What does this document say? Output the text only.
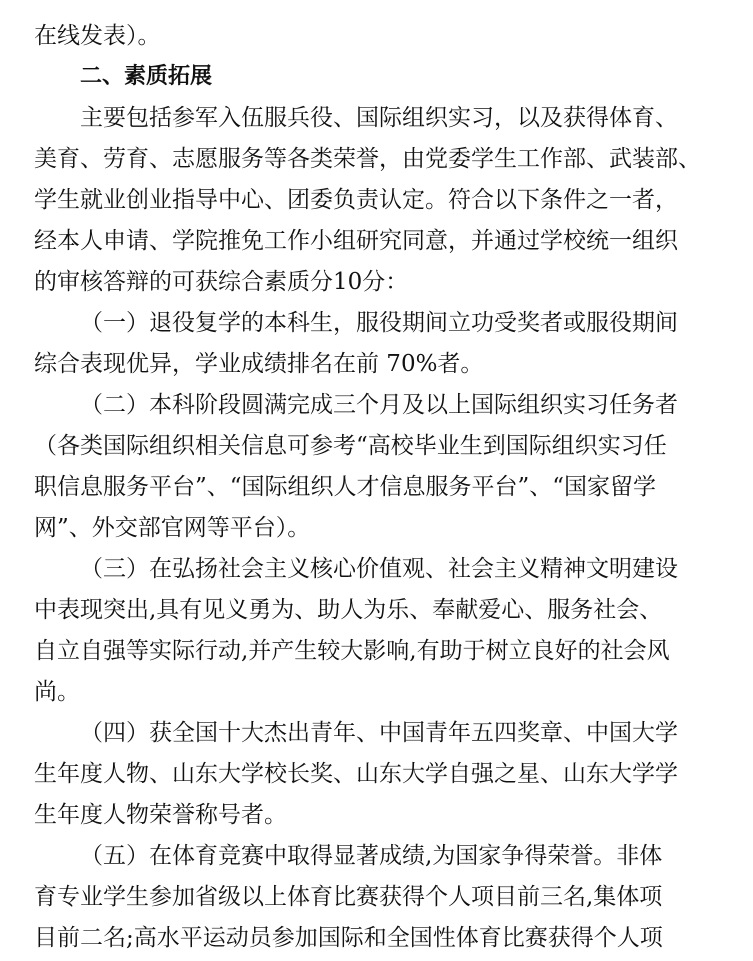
在线发表）。
二、素质拓展
主要包括参军入伍服兵役、国际组织实习，以及获得体育、
美育、劳育、志愿服务等各类荣誉，由党委学生工作部、武装部、
学生就业创业指导中心、团委负责认定。符合以下条件之一者，
经本人申请、学院推免工作小组研究同意，并通过学校统一组织
的审核答辩的可获综合素质分10分：
（一）退役复学的本科生，服役期间立功受奖者或服役期间
综合表现优异，学业成绩排名在前 70%者。
（二）本科阶段圆满完成三个月及以上国际组织实习任务者
（各类国际组织相关信息可参考“高校毕业生到国际组织实习任
职信息服务平台”、“国际组织人才信息服务平台”、“国家留学
网”、外交部官网等平台）。
（三）在弘扬社会主义核心价值观、社会主义精神文明建设
中表现突出,具有见义勇为、助人为乐、奉献爱心、服务社会、
自立自强等实际行动,并产生较大影响,有助于树立良好的社会风
尚。
（四）获全国十大杰出青年、中国青年五四奖章、中国大学
生年度人物、山东大学校长奖、山东大学自强之星、山东大学学
生年度人物荣誉称号者。
（五）在体育竞赛中取得显著成绩,为国家争得荣誉。非体
育专业学生参加省级以上体育比赛获得个人项目前三名,集体项
目前二名;高水平运动员参加国际和全国性体育比赛获得个人项
